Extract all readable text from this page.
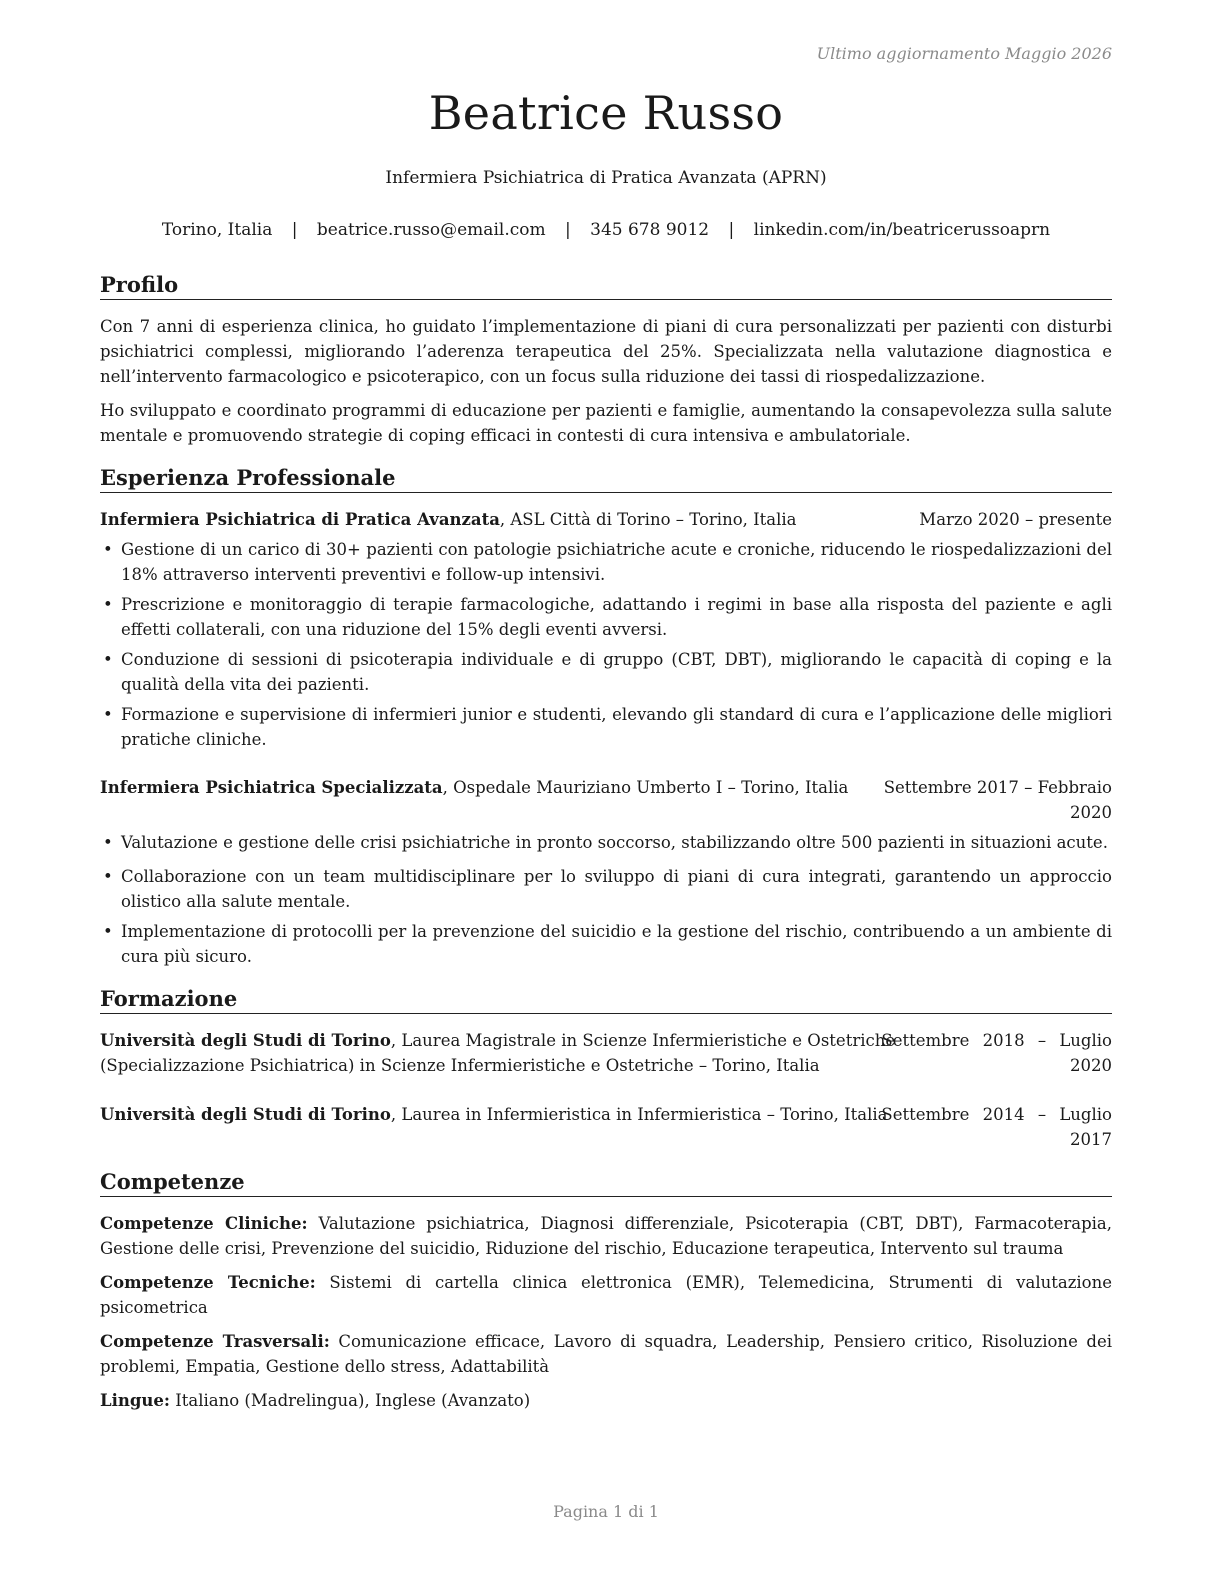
Ultimo aggiornamento Maggio 2026
Beatrice Russo
Infermiera Psichiatrica di Pratica Avanzata (APRN)
Torino, Italia | beatrice.russo@email.com | 345 678 9012 | linkedin.com/in/beatricerussoaprn
Profilo
Con 7 anni di esperienza clinica, ho guidato l’implementazione di piani di cura personalizzati per pazienti con disturbi psichiatrici complessi, migliorando l’aderenza terapeutica del 25%. Specializzata nella valutazione diagnostica e nell’intervento farmacologico e psicoterapico, con un focus sulla riduzione dei tassi di riospedalizzazione.
Ho sviluppato e coordinato programmi di educazione per pazienti e famiglie, aumentando la consapevolezza sulla salute mentale e promuovendo strategie di coping efficaci in contesti di cura intensiva e ambulatoriale.
Esperienza Professionale
Infermiera Psichiatrica di Pratica Avanzata, ASL Città di Torino – Torino, Italia	Marzo 2020 – presente
• Gestione di un carico di 30+ pazienti con patologie psichiatriche acute e croniche, riducendo le riospedalizzazioni del 18% attraverso interventi preventivi e follow-up intensivi.
• Prescrizione e monitoraggio di terapie farmacologiche, adattando i regimi in base alla risposta del paziente e agli effetti collaterali, con una riduzione del 15% degli eventi avversi.
• Conduzione di sessioni di psicoterapia individuale e di gruppo (CBT, DBT), migliorando le capacità di coping e la qualità della vita dei pazienti.
• Formazione e supervisione di infermieri junior e studenti, elevando gli standard di cura e l’applicazione delle migliori pratiche cliniche.
Infermiera Psichiatrica Specializzata, Ospedale Mauriziano Umberto I – Torino, Italia Settembre 2017 – Febbraio
2020
• Valutazione e gestione delle crisi psichiatriche in pronto soccorso, stabilizzando oltre 500 pazienti in situazioni acute.
• Collaborazione con un team multidisciplinare per lo sviluppo di piani di cura integrati, garantendo un approccio olistico alla salute mentale.
• Implementazione di protocolli per la prevenzione del suicidio e la gestione del rischio, contribuendo a un ambiente di cura più sicuro.
Formazione
Università degli Studi di Torino, Laurea Magistrale in Scienze Infermieristiche e Ostetriche
(Specializzazione Psichiatrica) in Scienze Infermieristiche e Ostetriche – Torino, Italia
Settembre 2018 – Luglio
2020
Università degli Studi di Torino, Laurea in Infermieristica in Infermieristica – Torino, Italia
Settembre 2014 – Luglio
2017
Competenze
Competenze Cliniche: Valutazione psichiatrica, Diagnosi differenziale, Psicoterapia (CBT, DBT), Farmacoterapia, Gestione delle crisi, Prevenzione del suicidio, Riduzione del rischio, Educazione terapeutica, Intervento sul trauma
Competenze Tecniche: Sistemi di cartella clinica elettronica (EMR), Telemedicina, Strumenti di valutazione psicometrica
Competenze Trasversali: Comunicazione efficace, Lavoro di squadra, Leadership, Pensiero critico, Risoluzione dei problemi, Empatia, Gestione dello stress, Adattabilità
Lingue: Italiano (Madrelingua), Inglese (Avanzato)
Pagina 1 di 1
